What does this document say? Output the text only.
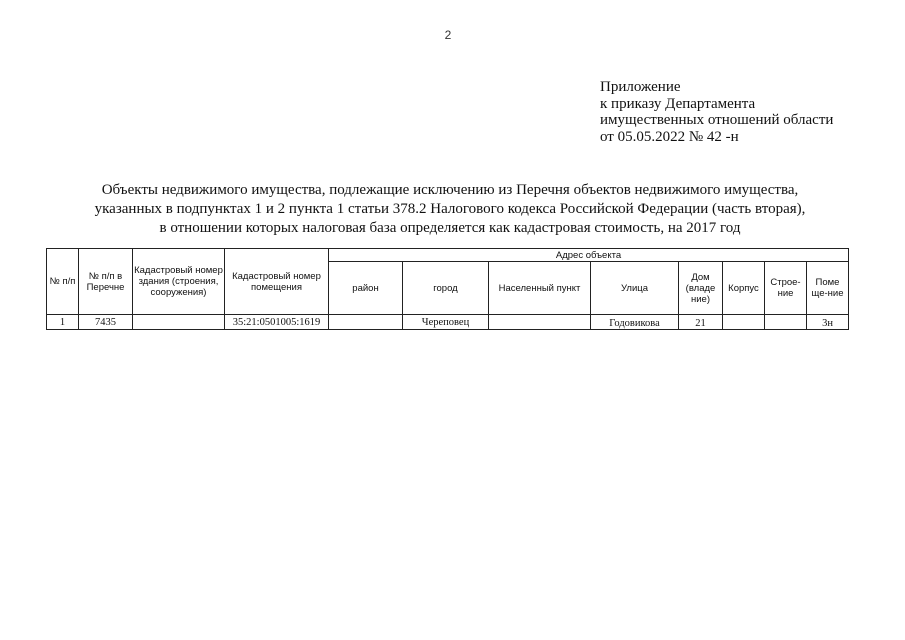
2
Приложение
к приказу Департамента
имущественных отношений области
от 05.05.2022 № 42 -н
Объекты недвижимого имущества, подлежащие исключению из Перечня объектов недвижимого имущества,
указанных в подпунктах 1 и 2 пункта 1 статьи 378.2 Налогового кодекса Российской Федерации (часть вторая),
в отношении которых налоговая база определяется как кадастровая стоимость, на 2017 год
№ п/п	№ п/п в Перечне	Кадастровый номер здания (строения, сооружения)	Кадастровый номер помещения	Адрес объекта							
				район	город	Населенный пункт	Улица	Дом (владе ние)	Корпус	Строе-ние	Поме ще-ние
1	7435		35:21:0501005:1619		Череповец		Годовикова	21			3н
